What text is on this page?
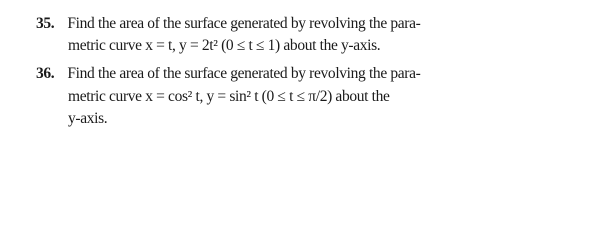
35. Find the area of the surface generated by revolving the para-
metric curve x = t, y = 2t² (0 ≤ t ≤ 1) about the y-axis.
36. Find the area of the surface generated by revolving the para-
metric curve x = cos² t, y = sin² t (0 ≤ t ≤ π/2) about the
y-axis.
